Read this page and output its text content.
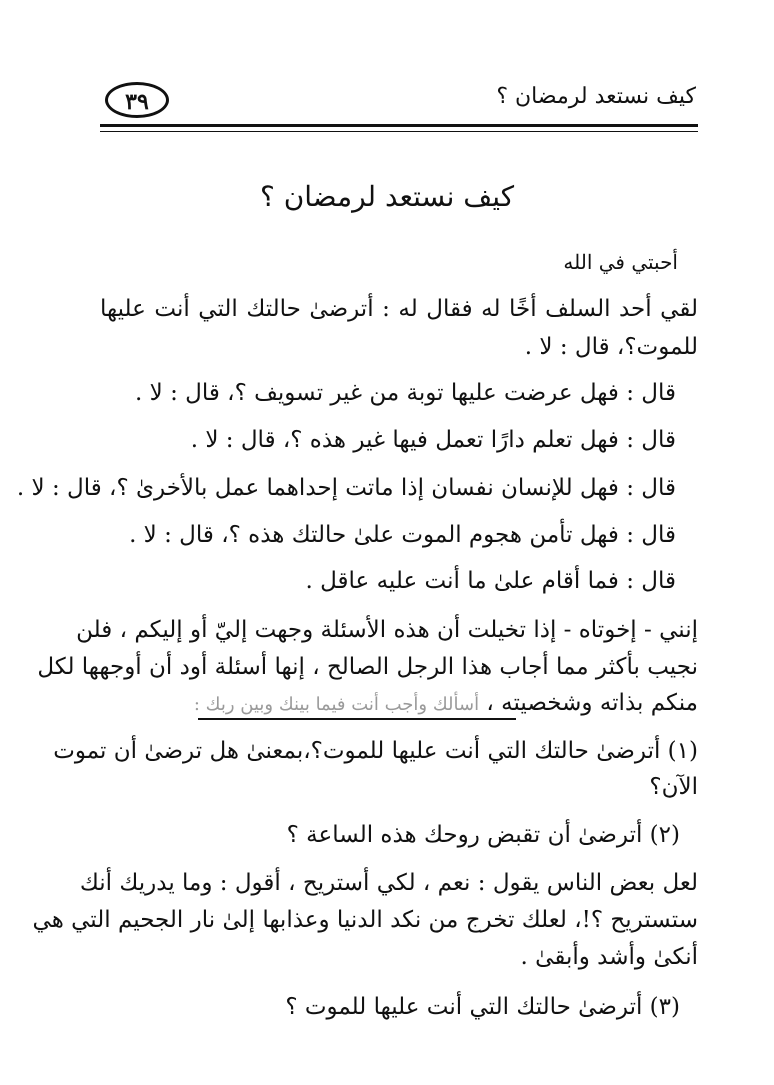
كيف نستعد لرمضان ؟
٣٩
كيف نستعد لرمضان ؟
أحبتي في الله
لقي أحد السلف أخًا له فقال له : أترضىٰ حالتك التي أنت عليها
للموت؟، قال : لا .
قال : فهل عرضت عليها توبة من غير تسويف ؟، قال : لا .
قال : فهل تعلم دارًا تعمل فيها غير هذه ؟، قال : لا .
قال : فهل للإنسان نفسان إذا ماتت إحداهما عمل بالأخرىٰ ؟، قال : لا .
قال : فهل تأمن هجوم الموت علىٰ حالتك هذه ؟، قال : لا .
قال : فما أقام علىٰ ما أنت عليه عاقل .
إنني - إخوتاه - إذا تخيلت أن هذه الأسئلة وجهت إليّ أو إليكم ، فلن
نجيب بأكثر مما أجاب هذا الرجل الصالح ، إنها أسئلة أود أن أوجهها لكل
منكم بذاته وشخصيته ، أسألك وأجب أنت فيما بينك وبين ربك :
(١) أترضىٰ حالتك التي أنت عليها للموت؟،بمعنىٰ هل ترضىٰ أن تموت
الآن؟
(٢) أترضىٰ أن تقبض روحك هذه الساعة ؟
لعل بعض الناس يقول : نعم ، لكي أستريح ، أقول : وما يدريك أنك
ستستريح ؟!، لعلك تخرج من نكد الدنيا وعذابها إلىٰ نار الجحيم التي هي
أنكىٰ وأشد وأبقىٰ .
(٣) أترضىٰ حالتك التي أنت عليها للموت ؟
